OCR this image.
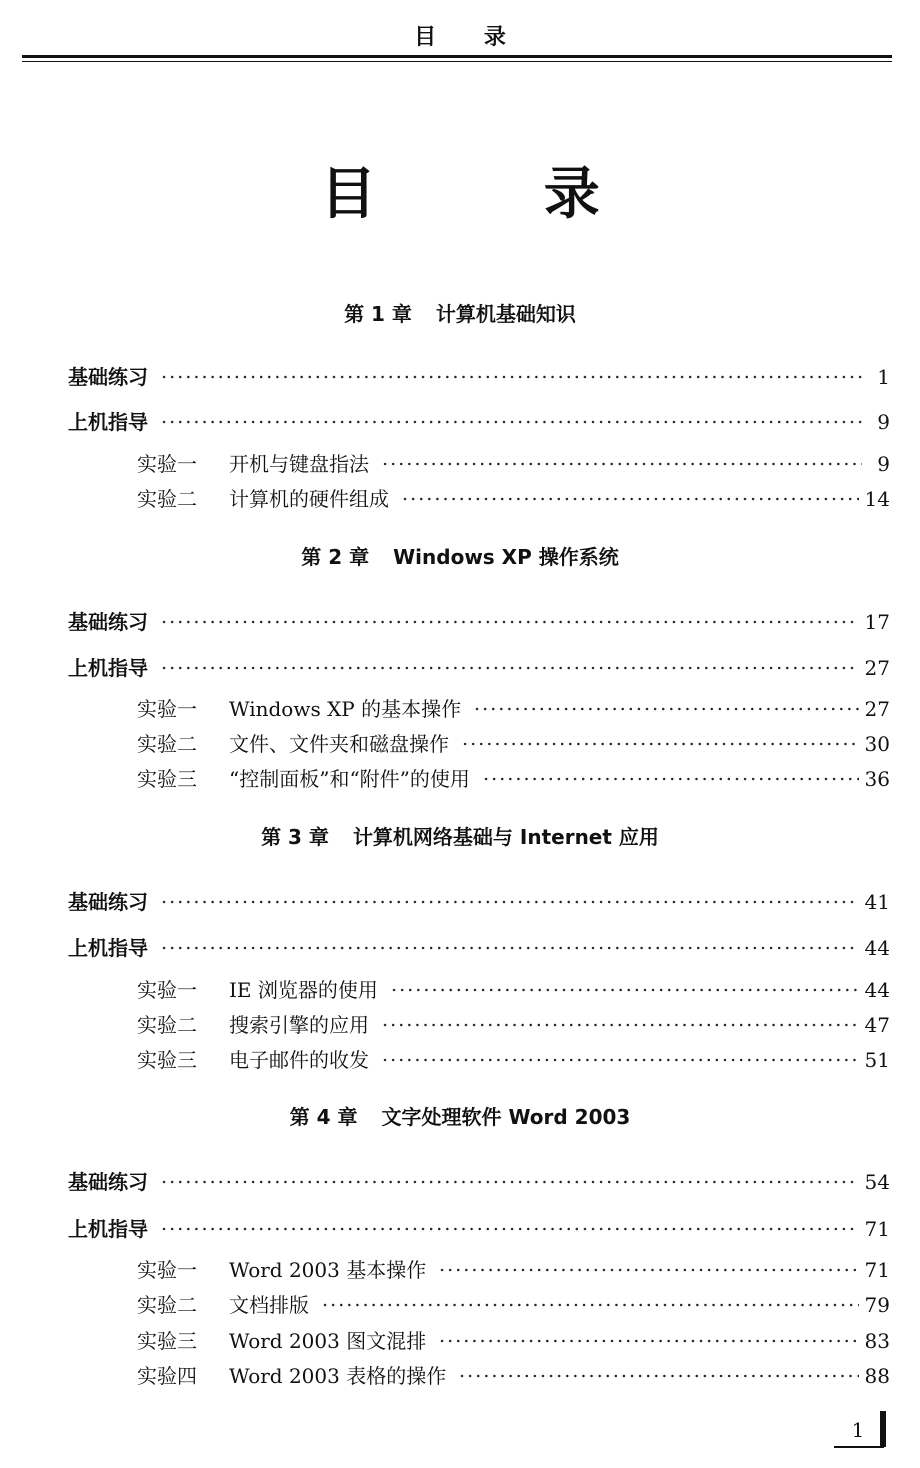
目 录
目 录
第 1 章 计算机基础知识
基础练习	1
上机指导	9
实验一	开机与键盘指法	9
实验二	计算机的硬件组成	14
第 2 章 Windows XP 操作系统
基础练习	17
上机指导	27
实验一	Windows XP 的基本操作	27
实验二	文件、文件夹和磁盘操作	30
实验三	“控制面板”和“附件”的使用	36
第 3 章 计算机网络基础与 Internet 应用
基础练习	41
上机指导	44
实验一	IE 浏览器的使用	44
实验二	搜索引擎的应用	47
实验三	电子邮件的收发	51
第 4 章 文字处理软件 Word 2003
基础练习	54
上机指导	71
实验一	Word 2003 基本操作	71
实验二	文档排版	79
实验三	Word 2003 图文混排	83
实验四	Word 2003 表格的操作	88
1
